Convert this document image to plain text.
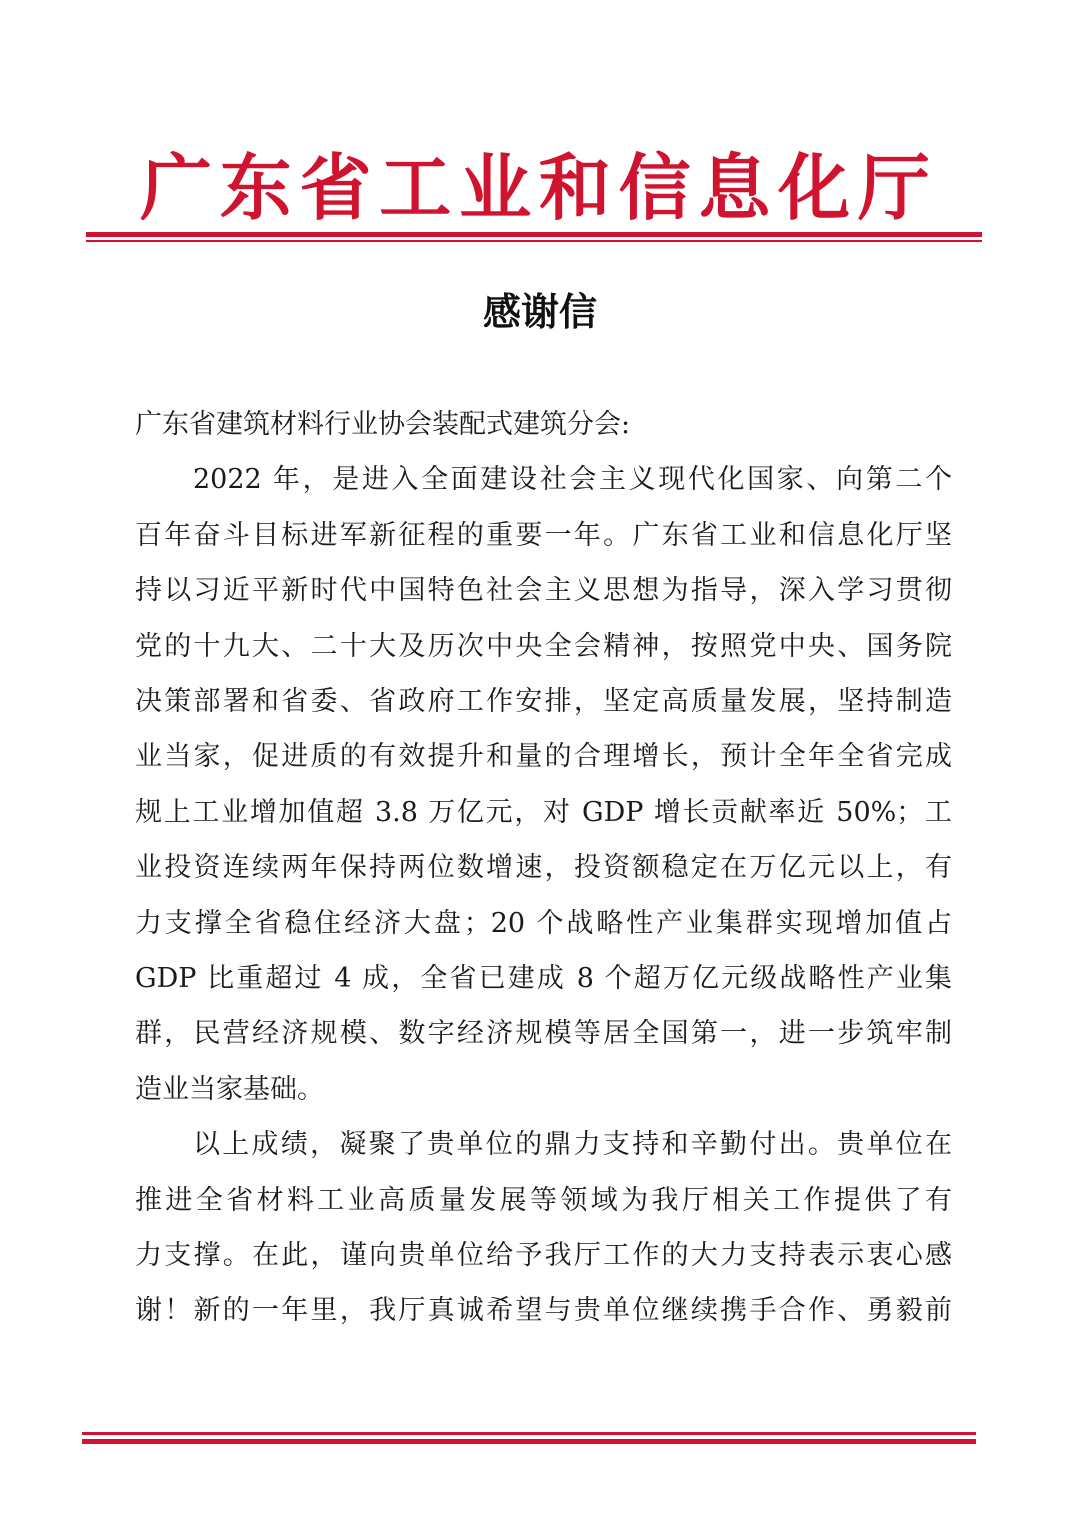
广 东 省 工 业 和 信 息 化 厅
感谢信
广东省建筑材料行业协会装配式建筑分会:
2022 年，是进入全面建设社会主义现代化国家、向第二个
百年奋斗目标进军新征程的重要一年。广东省工业和信息化厅坚
持以习近平新时代中国特色社会主义思想为指导，深入学习贯彻
党的十九大、二十大及历次中央全会精神，按照党中央、国务院
决策部署和省委、省政府工作安排，坚定高质量发展，坚持制造
业当家，促进质的有效提升和量的合理增长，预计全年全省完成
规上工业增加值超 3.8 万亿元，对 GDP 增长贡献率近 50%；工
业投资连续两年保持两位数增速，投资额稳定在万亿元以上，有
力支撑全省稳住经济大盘；20 个战略性产业集群实现增加值占
GDP 比重超过 4 成，全省已建成 8 个超万亿元级战略性产业集
群，民营经济规模、数字经济规模等居全国第一，进一步筑牢制
造业当家基础。
以上成绩，凝聚了贵单位的鼎力支持和辛勤付出。贵单位在
推进全省材料工业高质量发展等领域为我厅相关工作提供了有
力支撑。在此，谨向贵单位给予我厅工作的大力支持表示衷心感
谢！新的一年里，我厅真诚希望与贵单位继续携手合作、勇毅前
